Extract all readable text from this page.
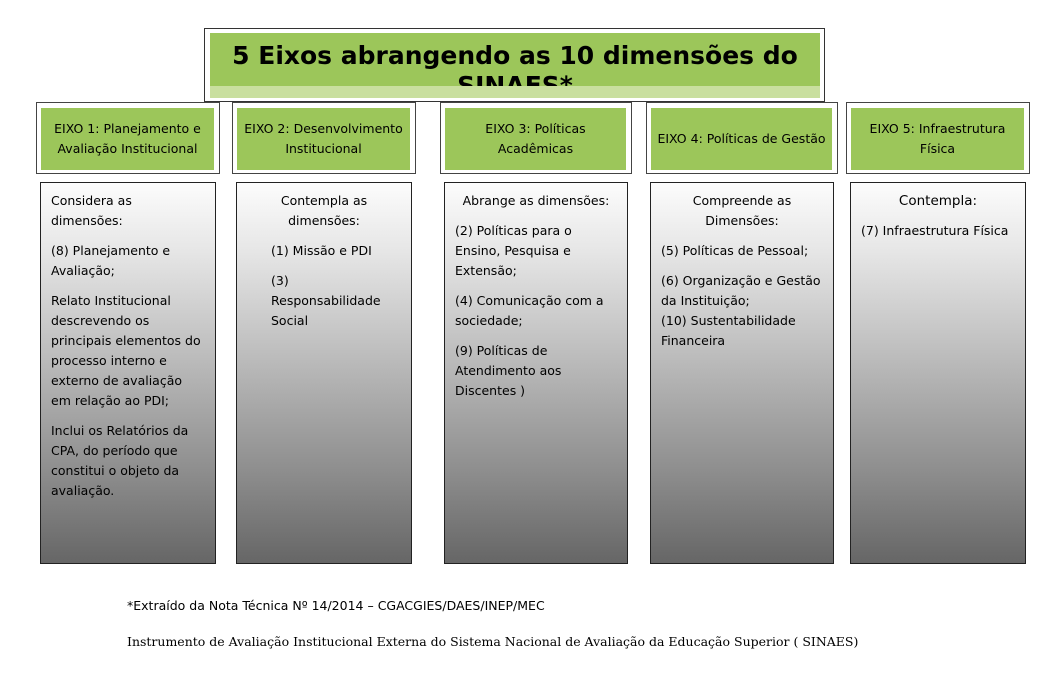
5 Eixos abrangendo as 10 dimensões do
EIXO 1: Planejamento e Avaliação Institucional
EIXO 2: Desenvolvimento Institucional
EIXO 3: Políticas Acadêmicas
EIXO 4: Políticas de Gestão
EIXO 5: Infraestrutura Física

Considera as dimensões:

(8) Planejamento e Avaliação;

Relato Institucional descrevendo os principais elementos do processo interno e externo de avaliação em relação ao PDI;

Inclui os Relatórios da CPA, do período que constitui o objeto da avaliação.

Contempla as dimensões:

(1) Missão e PDI

(3) Responsabilidade Social

Abrange as dimensões:

(2) Políticas para o Ensino, Pesquisa e Extensão;

(4) Comunicação com a sociedade;

(9) Políticas de Atendimento aos Discentes )

Compreende as Dimensões:

(5) Políticas de Pessoal;

(6) Organização e Gestão da Instituição;

(10) Sustentabilidade Financeira

Contempla:

(7) Infraestrutura Física

*Extraído da Nota Técnica Nº 14/2014 – CGACGIES/DAES/INEP/MEC
Instrumento de Avaliação Institucional Externa do Sistema Nacional de Avaliação da Educação Superior ( SINAES)
